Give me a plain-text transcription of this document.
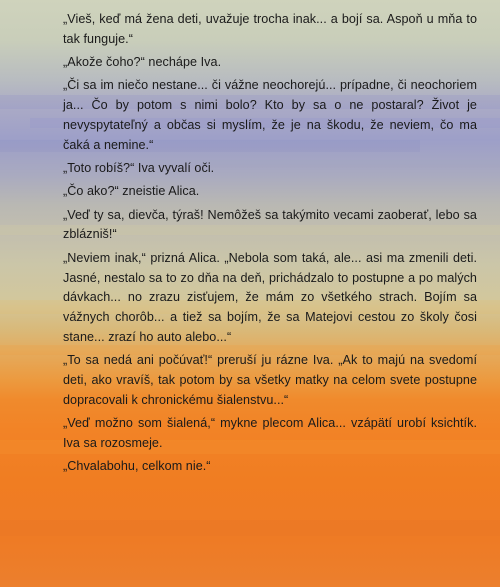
„Vieš, keď má žena deti, uvažuje trocha inak... a bojí sa. Aspoň u mňa to tak funguje.“

„Akože čoho?“ nechápe Iva.

„Či sa im niečo nestane... či vážne neochorejú... prípadne, či neochoriem ja... Čo by potom s nimi bolo? Kto by sa o ne postaral? Život je nevyspytateľný a občas si myslím, že je na škodu, že neviem, čo ma čaká a nemine.“

„Toto robíš?“ Iva vyvalí oči.

„Čo ako?“ zneistie Alica.

„Veď ty sa, dievča, týraš! Nemôžeš sa takýmito vecami zaoberať, lebo sa zbláznіš!“

„Neviem inak,“ prizná Alica. „Nebola som taká, ale... asi ma zmenili deti. Jasné, nestalo sa to zo dňa na deň, prichádzalo to postupne a po malých dávkach... no zrazu zisťujem, že mám zo všetkého strach. Bojím sa vážnych chorôb... a tiež sa bojím, že sa Matejovi cestou zo školy čosi stane... zrazí ho auto alebo...“

„To sa nedá ani počúvať!“ preruší ju rázne Iva. „Ak to majú na svedomí deti, ako vravíš, tak potom by sa všetky matky na celom svete postupne dopracovali k chronickému šialenstvu...“

„Veď možno som šialená,“ mykne plecom Alica... vzápätí urobí ksichtík. Iva sa rozosmeje.

„Chvalabohu, celkom nie.“
